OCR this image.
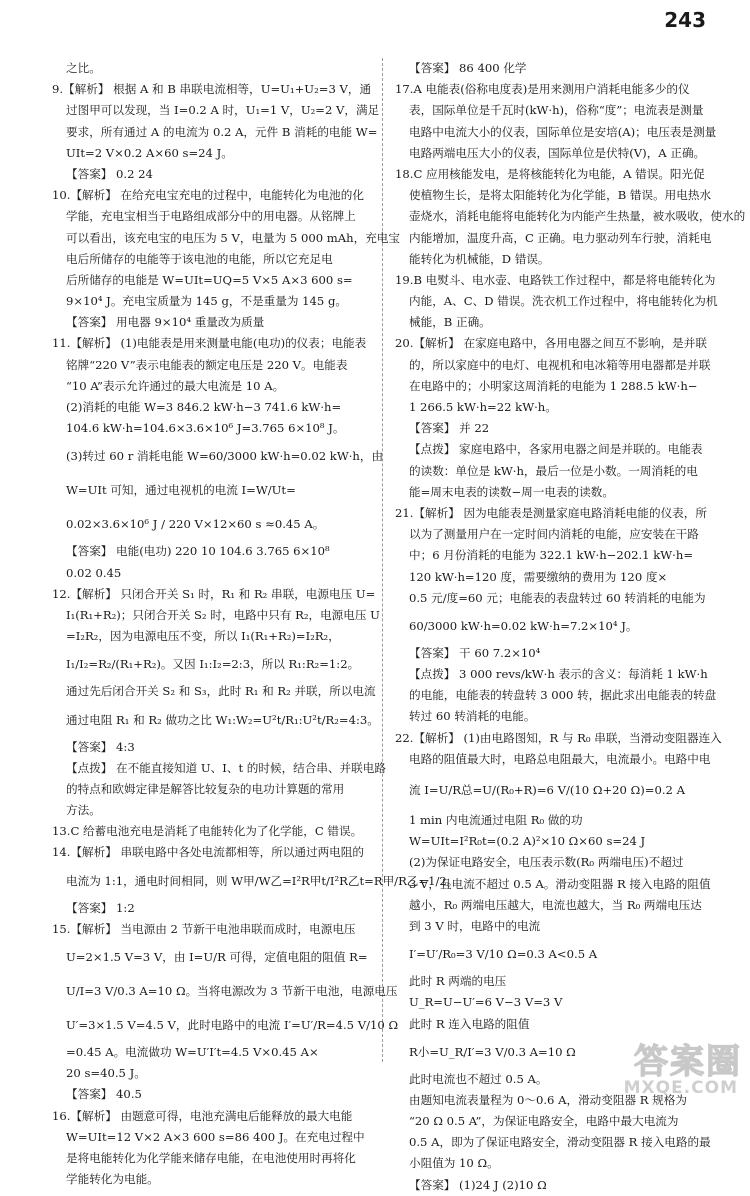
243
之比。
9.【解析】 根据 A 和 B 串联电流相等，U=U₁+U₂=3 V，通
过图甲可以发现，当 I=0.2 A 时，U₁=1 V，U₂=2 V，满足
要求，所有通过 A 的电流为 0.2 A，元件 B 消耗的电能 W=
UIt=2 V×0.2 A×60 s=24 J。
【答案】 0.2 24
10.【解析】 在给充电宝充电的过程中，电能转化为电池的化
学能，充电宝相当于电路组成部分中的用电器。从铭牌上
可以看出，该充电宝的电压为 5 V，电量为 5 000 mAh，充电宝
电后所储存的电能等于该电池的电能，所以它充足电
后所储存的电能是 W=UIt=UQ=5 V×5 A×3 600 s=
9×10⁴ J。充电宝质量为 145 g，不是重量为 145 g。
【答案】 用电器 9×10⁴ 重量改为质量
11.【解析】 (1)电能表是用来测量电能(电功)的仪表；电能表
铭牌“220 V”表示电能表的额定电压是 220 V。电能表
“10 A”表示允许通过的最大电流是 10 A。
(2)消耗的电能 W=3 846.2 kW·h−3 741.6 kW·h=
104.6 kW·h=104.6×3.6×10⁶ J=3.765 6×10⁸ J。
(3)转过 60 r 消耗电能 W=60/3000 kW·h=0.02 kW·h，由
W=UIt 可知，通过电视机的电流 I=W/Ut=
0.02×3.6×10⁶ J / 220 V×12×60 s ≈0.45 A。
【答案】 电能(电功) 220 10 104.6 3.765 6×10⁸
0.02 0.45
12.【解析】 只闭合开关 S₁ 时，R₁ 和 R₂ 串联，电源电压 U=
I₁(R₁+R₂)；只闭合开关 S₂ 时，电路中只有 R₂，电源电压 U
=I₂R₂，因为电源电压不变，所以 I₁(R₁+R₂)=I₂R₂，
I₁/I₂=R₂/(R₁+R₂)。又因 I₁:I₂=2:3，所以 R₁:R₂=1:2。
通过先后闭合开关 S₂ 和 S₃，此时 R₁ 和 R₂ 并联，所以电流
通过电阻 R₁ 和 R₂ 做功之比 W₁:W₂=U²t/R₁:U²t/R₂=4:3。
【答案】 4:3
【点拨】 在不能直接知道 U、I、t 的时候，结合串、并联电路
的特点和欧姆定律是解答比较复杂的电功计算题的常用
方法。
13.C 给蓄电池充电是消耗了电能转化为了化学能，C 错误。
14.【解析】 串联电路中各处电流都相等，所以通过两电阻的
电流为 1:1，通电时间相同，则 W甲/W乙=I²R甲t/I²R乙t=R甲/R乙=1/2。
【答案】 1:2
15.【解析】 当电源由 2 节新干电池串联而成时，电源电压
U=2×1.5 V=3 V，由 I=U/R 可得，定值电阻的阻值 R=
U/I=3 V/0.3 A=10 Ω。当将电源改为 3 节新干电池，电源电压
U′=3×1.5 V=4.5 V，此时电路中的电流 I′=U′/R=4.5 V/10 Ω
=0.45 A。电流做功 W=U′I′t=4.5 V×0.45 A×
20 s=40.5 J。
【答案】 40.5
16.【解析】 由题意可得，电池充满电后能释放的最大电能
W=UIt=12 V×2 A×3 600 s=86 400 J。在充电过程中
是将电能转化为化学能来储存电能，在电池使用时再将化
学能转化为电能。
【答案】 86 400 化学
17.A 电能表(俗称电度表)是用来测用户消耗电能多少的仪
表，国际单位是千瓦时(kW·h)，俗称“度”；电流表是测量
电路中电流大小的仪表，国际单位是安培(A)；电压表是测量
电路两端电压大小的仪表，国际单位是伏特(V)，A 正确。
18.C 应用核能发电，是将核能转化为电能，A 错误。阳光促
使植物生长，是将太阳能转化为化学能，B 错误。用电热水
壶烧水，消耗电能将电能转化为内能产生热量，被水吸收，使水的
内能增加，温度升高，C 正确。电力驱动列车行驶，消耗电
能转化为机械能，D 错误。
19.B 电熨斗、电水壶、电路铁工作过程中，都是将电能转化为
内能，A、C、D 错误。洗衣机工作过程中，将电能转化为机
械能，B 正确。
20.【解析】 在家庭电路中，各用电器之间互不影响，是并联
的，所以家庭中的电灯、电视机和电冰箱等用电器都是并联
在电路中的；小明家这周消耗的电能为 1 288.5 kW·h−
1 266.5 kW·h=22 kW·h。
【答案】 并 22
【点拨】 家庭电路中，各家用电器之间是并联的。电能表
的读数：单位是 kW·h，最后一位是小数。一周消耗的电
能=周末电表的读数−周一电表的读数。
21.【解析】 因为电能表是测量家庭电路消耗电能的仪表，所
以为了测量用户在一定时间内消耗的电能，应安装在干路
中；6 月份消耗的电能为 322.1 kW·h−202.1 kW·h=
120 kW·h=120 度，需要缴纳的费用为 120 度×
0.5 元/度=60 元；电能表的表盘转过 60 转消耗的电能为
60/3000 kW·h=0.02 kW·h=7.2×10⁴ J。
【答案】 干 60 7.2×10⁴
【点拨】 3 000 revs/kW·h 表示的含义：每消耗 1 kW·h
的电能，电能表的转盘转 3 000 转，据此求出电能表的转盘
转过 60 转消耗的电能。
22.【解析】 (1)由电路图知，R 与 R₀ 串联，当滑动变阻器连入
电路的阻值最大时，电路总电阻最大，电流最小。电路中电
流 I=U/R总=U/(R₀+R)=6 V/(10 Ω+20 Ω)=0.2 A
1 min 内电流通过电阻 R₀ 做的功
W=UIt=I²R₀t=(0.2 A)²×10 Ω×60 s=24 J
(2)为保证电路安全，电压表示数(R₀ 两端电压)不超过
3 V，且电流不超过 0.5 A。滑动变阻器 R 接入电路的阻值
越小，R₀ 两端电压越大，电流也越大，当 R₀ 两端电压达
到 3 V 时，电路中的电流
I′=U′/R₀=3 V/10 Ω=0.3 A<0.5 A
此时 R 两端的电压
U_R=U−U′=6 V−3 V=3 V
此时 R 连入电路的阻值
R小=U_R/I′=3 V/0.3 A=10 Ω
此时电流也不超过 0.5 A。
由题知电流表量程为 0～0.6 A，滑动变阻器 R 规格为
“20 Ω 0.5 A”，为保证电路安全，电路中最大电流为
0.5 A，即为了保证电路安全，滑动变阻器 R 接入电路的最
小阻值为 10 Ω。
【答案】 (1)24 J (2)10 Ω
答案圈
MXQE.COM
